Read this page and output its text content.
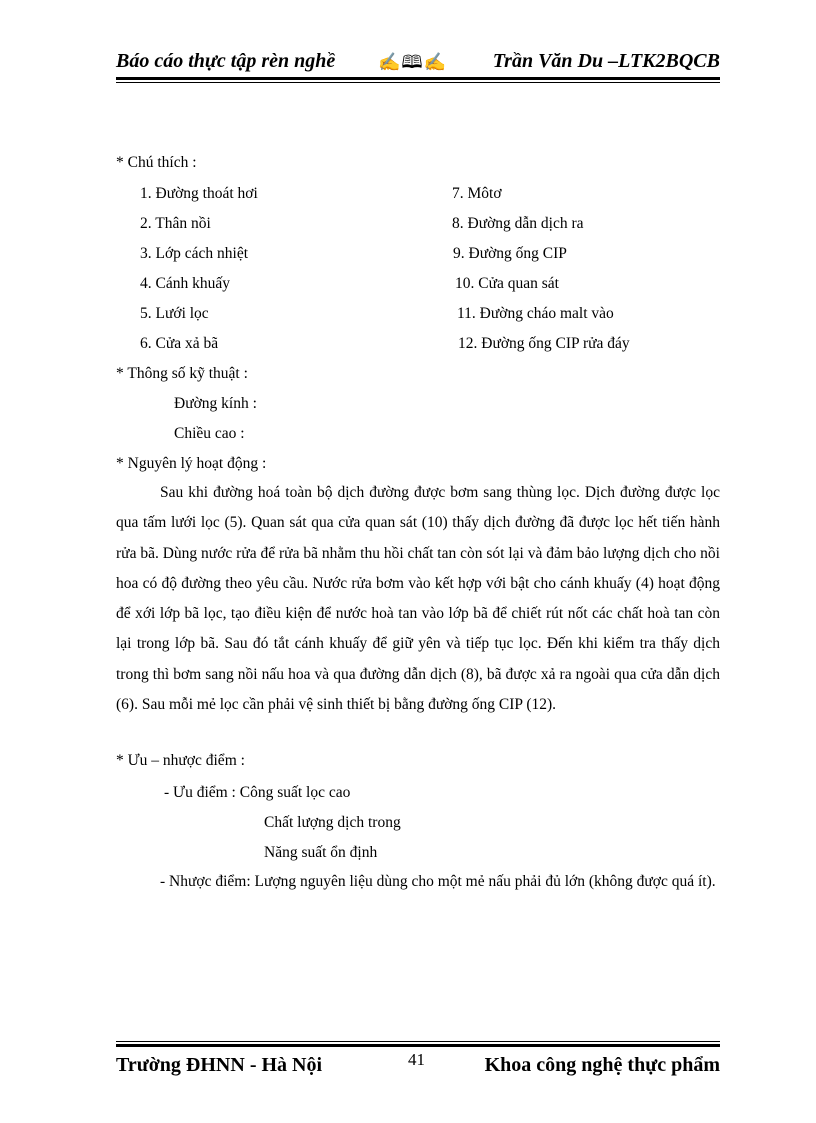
Báo cáo thực tập rèn nghề ✍🕮✍ Trần Văn Du –LTK2BQCB
* Chú thích :
1. Đường thoát hơi
2. Thân nồi
3. Lớp cách nhiệt
4. Cánh khuấy
5. Lưới lọc
6. Cửa xả bã
7. Môtơ
8. Đường dẫn dịch ra
9. Đường ống CIP
10. Cửa quan sát
11. Đường cháo malt vào
12. Đường ống CIP rửa đáy
* Thông số kỹ thuật :
Đường kính :
Chiều cao :
* Nguyên lý hoạt động :
Sau khi đường hoá toàn bộ dịch đường được bơm sang thùng lọc. Dịch đường được lọc qua tấm lưới lọc (5). Quan sát qua cửa quan sát (10) thấy dịch đường đã được lọc hết tiến hành rửa bã. Dùng nước rửa để rửa bã nhằm thu hồi chất tan còn sót lại và đảm bảo lượng dịch cho nồi hoa có độ đường theo yêu cầu. Nước rửa bơm vào kết hợp với bật cho cánh khuấy (4) hoạt động để xới lớp bã lọc, tạo điều kiện để nước hoà tan vào lớp bã để chiết rút nốt các chất hoà tan còn lại trong lớp bã. Sau đó tắt cánh khuấy để giữ yên và tiếp tục lọc. Đến khi kiểm tra thấy dịch trong thì bơm sang nồi nấu hoa và qua đường dẫn dịch (8), bã được xả ra ngoài qua cửa dẫn dịch (6). Sau mỗi mẻ lọc cần phải vệ sinh thiết bị bằng đường ống CIP (12).
* Ưu – nhược điểm :
- Ưu điểm : Công suất lọc cao
Chất lượng dịch trong
Năng suất ổn định
- Nhược điểm: Lượng nguyên liệu dùng cho một mẻ nấu phải đủ lớn (không được quá ít).
Trường ĐHNN - Hà Nội	41	Khoa công nghệ thực phẩm
